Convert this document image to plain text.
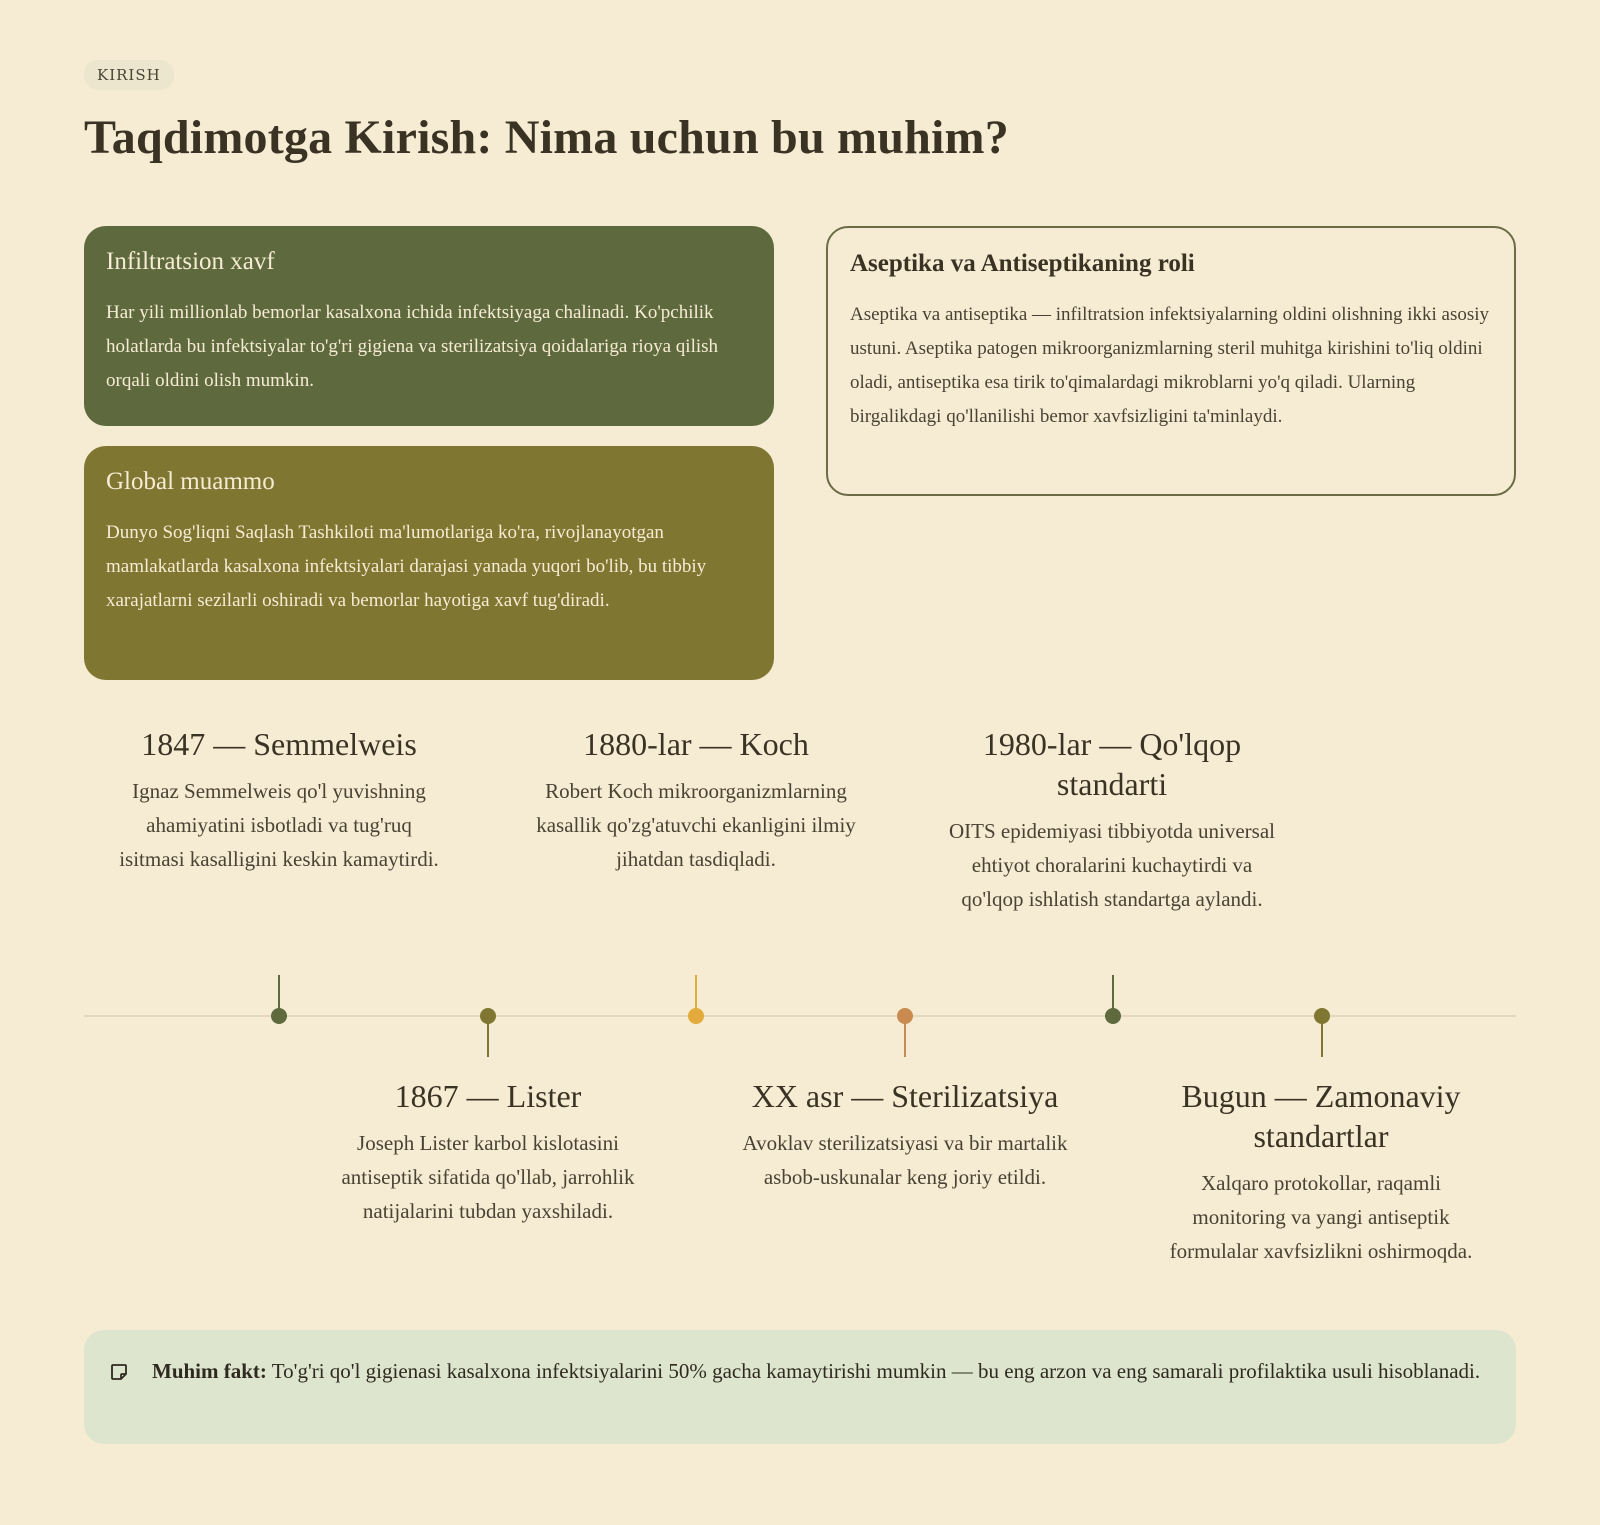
KIRISH
Taqdimotga Kirish: Nima uchun bu muhim?
Infiltratsion xavf

Har yili millionlab bemorlar kasalxona ichida infektsiyaga chalinadi. Ko'pchilik holatlarda bu infektsiyalar to'g'ri gigiena va sterilizatsiya qoidalariga rioya qilish orqali oldini olish mumkin.

Global muammo

Dunyo Sog'liqni Saqlash Tashkiloti ma'lumotlariga ko'ra, rivojlanayotgan mamlakatlarda kasalxona infektsiyalari darajasi yanada yuqori bo'lib, bu tibbiy xarajatlarni sezilarli oshiradi va bemorlar hayotiga xavf tug'diradi.

Aseptika va Antiseptikaning roli

Aseptika va antiseptika — infiltratsion infektsiyalarning oldini olishning ikki asosiy ustuni. Aseptika patogen mikroorganizmlarning steril muhitga kirishini to'liq oldini oladi, antiseptika esa tirik to'qimalardagi mikroblarni yo'q qiladi. Ularning birgalikdagi qo'llanilishi bemor xavfsizligini ta'minlaydi.

1847 — Semmelweis

Ignaz Semmelweis qo'l yuvishning ahamiyatini isbotladi va tug'ruq isitmasi kasalligini keskin kamaytirdi.

1867 — Lister

Joseph Lister karbol kislotasini antiseptik sifatida qo'llab, jarrohlik natijalarini tubdan yaxshiladi.

1880-lar — Koch

Robert Koch mikroorganizmlarning kasallik qo'zg'atuvchi ekanligini ilmiy jihatdan tasdiqladi.

XX asr — Sterilizatsiya

Avoklav sterilizatsiyasi va bir martalik asbob-uskunalar keng joriy etildi.

1980-lar — Qo'lqop standarti

OITS epidemiyasi tibbiyotda universal ehtiyot choralarini kuchaytirdi va qo'lqop ishlatish standartga aylandi.

Bugun — Zamonaviy standartlar

Xalqaro protokollar, raqamli monitoring va yangi antiseptik formulalar xavfsizlikni oshirmoqda.

Muhim fakt: To'g'ri qo'l gigienasi kasalxona infektsiyalarini 50% gacha kamaytirishi mumkin — bu eng arzon va eng samarali profilaktika usuli hisoblanadi.
